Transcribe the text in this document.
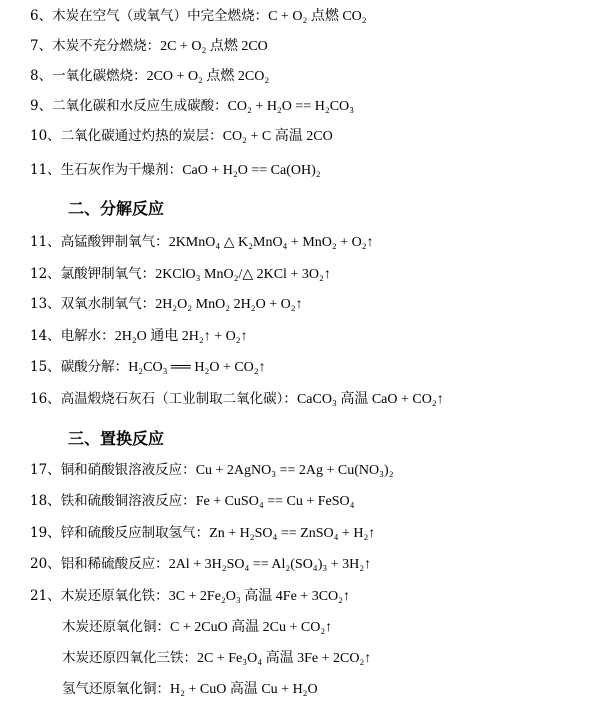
6、木炭在空气（或氧气）中完全燃烧：C + O₂ 点燃 CO₂
7、木炭不充分燃烧：2C + O₂ 点燃 2CO
8、一氧化碳燃烧：2CO + O₂ 点燃 2CO₂
9、二氧化碳和水反应生成碳酸：CO₂ + H₂O == H₂CO₃
10、二氧化碳通过灼热的炭层：CO₂ + C 高温 2CO
11、生石灰作为干燥剂：CaO + H₂O == Ca(OH)₂
二、分解反应
11、高锰酸钾制氧气：2KMnO₄ △ K₂MnO₄ + MnO₂ + O₂↑
12、氯酸钾制氧气：2KClO₃ MnO₂/△ 2KCl + 3O₂↑
13、双氧水制氧气：2H₂O₂ MnO₂ 2H₂O + O₂↑
14、电解水：2H₂O 通电 2H₂↑ + O₂↑
15、碳酸分解：H₂CO₃ ══ H₂O + CO₂↑
16、高温煅烧石灰石（工业制取二氧化碳）：CaCO₃ 高温 CaO + CO₂↑
三、置换反应
17、铜和硝酸银溶液反应：Cu + 2AgNO₃ == 2Ag + Cu(NO₃)₂
18、铁和硫酸铜溶液反应：Fe + CuSO₄ == Cu + FeSO₄
19、锌和硫酸反应制取氢气：Zn + H₂SO₄ == ZnSO₄ + H₂↑
20、铝和稀硫酸反应：2Al + 3H₂SO₄ == Al₂(SO₄)₃ + 3H₂↑
21、木炭还原氧化铁：3C + 2Fe₂O₃ 高温 4Fe + 3CO₂↑
木炭还原氧化铜：C + 2CuO 高温 2Cu + CO₂↑
木炭还原四氧化三铁：2C + Fe₃O₄ 高温 3Fe + 2CO₂↑
氢气还原氧化铜：H₂ + CuO 高温 Cu + H₂O
